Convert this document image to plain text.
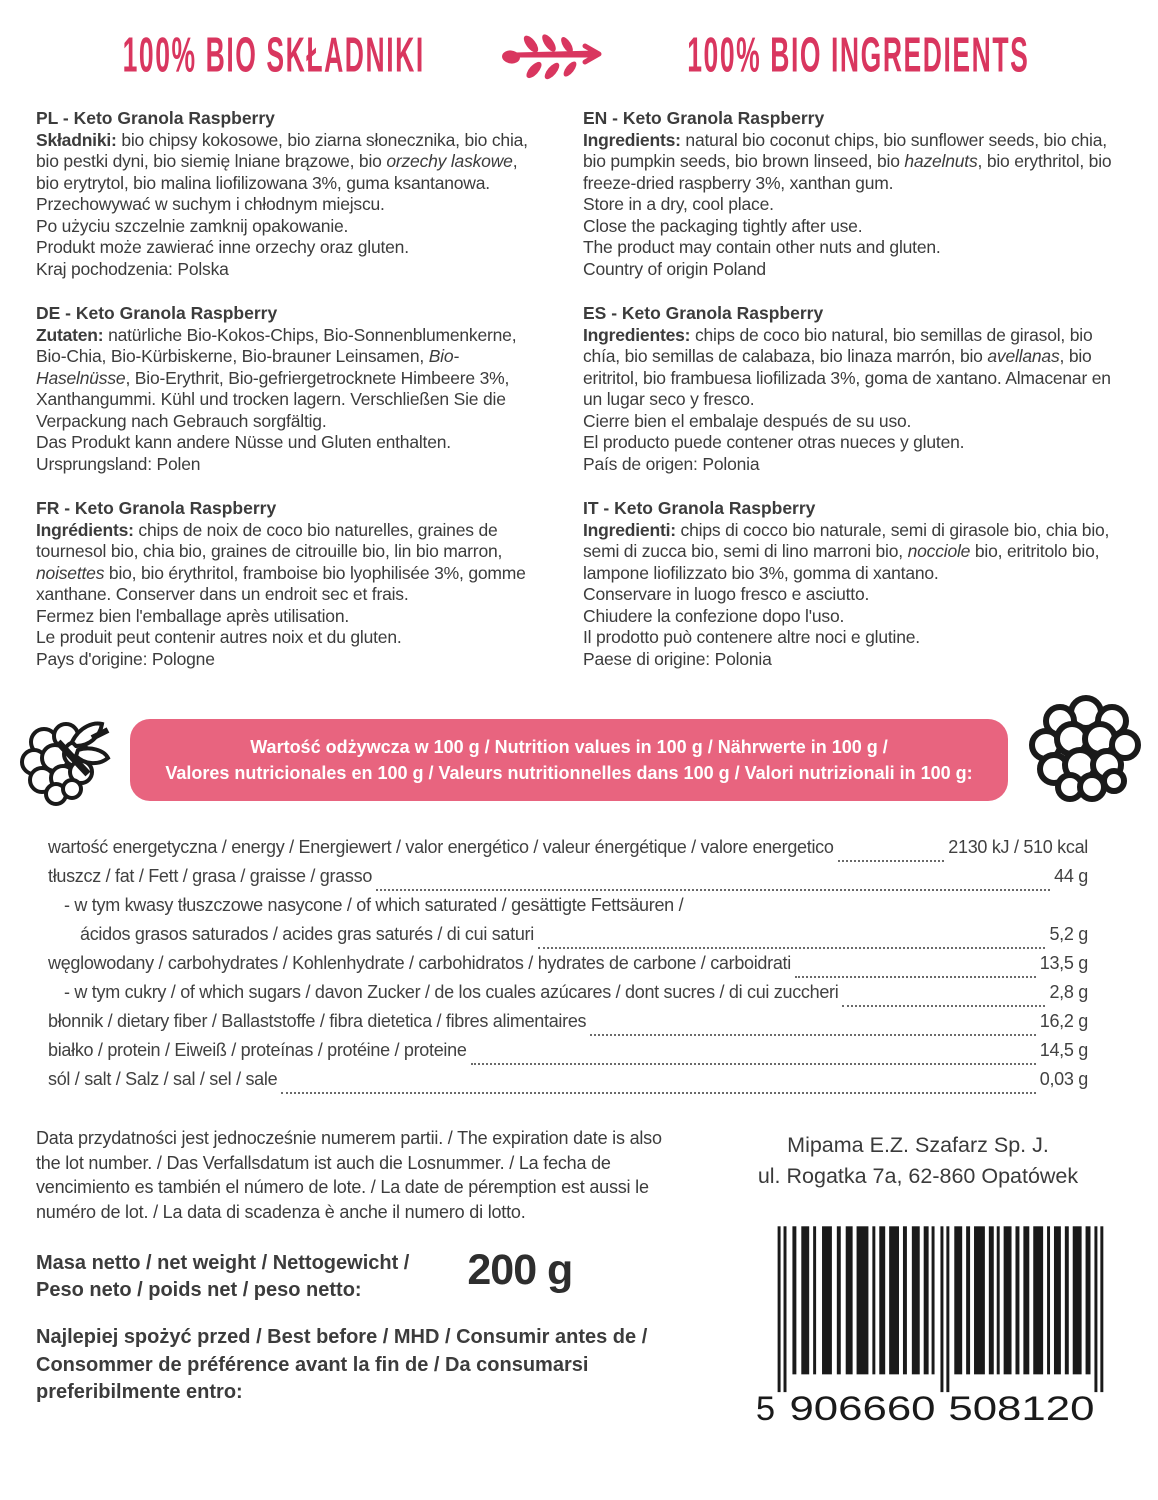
100% BIO SKŁADNIKI	100% BIO INGREDIENTS
PL - Keto Granola Raspberry
Składniki: bio chipsy kokosowe, bio ziarna słonecznika, bio chia, bio pestki dyni, bio siemię lniane brązowe, bio orzechy laskowe, bio erytrytol, bio malina liofilizowana 3%, guma ksantanowa. Przechowywać w suchym i chłodnym miejscu.
Po użyciu szczelnie zamknij opakowanie.
Produkt może zawierać inne orzechy oraz gluten.
Kraj pochodzenia: Polska
DE - Keto Granola Raspberry
Zutaten: natürliche Bio-Kokos-Chips, Bio-Sonnenblumenkerne, Bio-Chia, Bio-Kürbiskerne, Bio-brauner Leinsamen, Bio-Haselnüsse, Bio-Erythrit, Bio-gefriergetrocknete Himbeere 3%, Xanthangummi. Kühl und trocken lagern. Verschließen Sie die Verpackung nach Gebrauch sorgfältig.
Das Produkt kann andere Nüsse und Gluten enthalten.
Ursprungsland: Polen
FR - Keto Granola Raspberry
Ingrédients: chips de noix de coco bio naturelles, graines de tournesol bio, chia bio, graines de citrouille bio, lin bio marron, noisettes bio, bio érythritol, framboise bio lyophilisée 3%, gomme xanthane. Conserver dans un endroit sec et frais.
Fermez bien l'emballage après utilisation.
Le produit peut contenir autres noix et du gluten.
Pays d'origine: Pologne
EN - Keto Granola Raspberry
Ingredients: natural bio coconut chips, bio sunflower seeds, bio chia, bio pumpkin seeds, bio brown linseed, bio hazelnuts, bio erythritol, bio freeze-dried raspberry 3%, xanthan gum.
Store in a dry, cool place.
Close the packaging tightly after use.
The product may contain other nuts and gluten.
Country of origin Poland
ES - Keto Granola Raspberry
Ingredientes: chips de coco bio natural, bio semillas de girasol, bio chía, bio semillas de calabaza, bio linaza marrón, bio avellanas, bio eritritol, bio frambuesa liofilizada 3%, goma de xantano. Almacenar en un lugar seco y fresco.
Cierre bien el embalaje después de su uso.
El producto puede contener otras nueces y gluten.
País de origen: Polonia
IT - Keto Granola Raspberry
Ingredienti: chips di cocco bio naturale, semi di girasole bio, chia bio, semi di zucca bio, semi di lino marroni bio, nocciole bio, eritritolo bio, lampone liofilizzato bio 3%, gomma di xantano.
Conservare in luogo fresco e asciutto.
Chiudere la confezione dopo l'uso.
Il prodotto può contenere altre noci e glutine.
Paese di origine: Polonia
Wartość odżywcza w 100 g / Nutrition values in 100 g / Nährwerte in 100 g /
Valores nutricionales en 100 g / Valeurs nutritionnelles dans 100 g / Valori nutrizionali in 100 g:
wartość energetyczna / energy / Energiewert / valor energético / valeur énergétique / valore energetico	2130 kJ / 510 kcal
tłuszcz / fat / Fett / grasa / graisse / grasso	44 g
- w tym kwasy tłuszczowe nasycone / of which saturated / gesättigte Fettsäuren /
ácidos grasos saturados / acides gras saturés / di cui saturi	5,2 g
węglowodany / carbohydrates / Kohlenhydrate / carbohidratos / hydrates de carbone / carboidrati	13,5 g
- w tym cukry / of which sugars / davon Zucker / de los cuales azúcares / dont sucres / di cui zuccheri	2,8 g
błonnik / dietary fiber / Ballaststoffe / fibra dietetica / fibres alimentaires	16,2 g
białko / protein / Eiweiß / proteínas / protéine / proteine	14,5 g
sól / salt / Salz / sal / sel / sale	0,03 g
Data przydatności jest jednocześnie numerem partii. / The expiration date is also the lot number. / Das Verfallsdatum ist auch die Losnummer. / La fecha de vencimiento es también el número de lote. / La date de péremption est aussi le numéro de lot. / La data di scadenza è anche il numero di lotto.
Masa netto / net weight / Nettogewicht /
Peso neto / poids net / peso netto:	200 g
Najlepiej spożyć przed / Best before / MHD / Consumir antes de /
Consommer de préférence avant la fin de / Da consumarsi
preferibilmente entro:
Mipama E.Z. Szafarz Sp. J.
ul. Rogatka 7a, 62-860 Opatówek
5 906660 508120
